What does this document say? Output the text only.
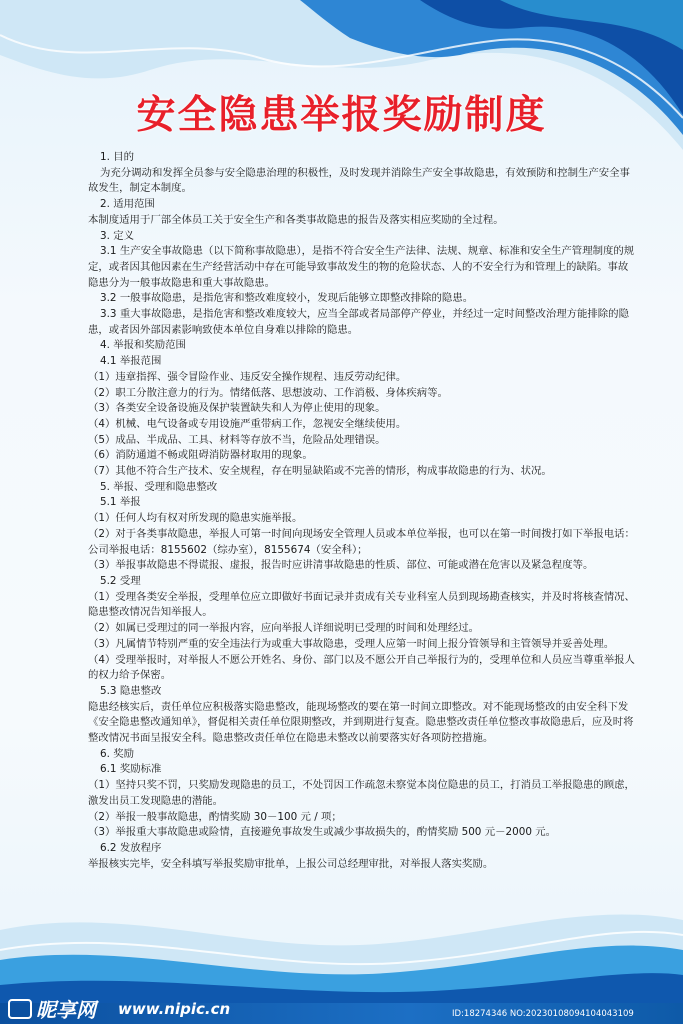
安全隐患举报奖励制度

1. 目的

为充分调动和发挥全员参与安全隐患治理的积极性，及时发现并消除生产安全事故隐患，有效预防和控制生产安全事故发生，制定本制度。

2. 适用范围

本制度适用于厂部全体员工关于安全生产和各类事故隐患的报告及落实相应奖励的全过程。

3. 定义

3.1 生产安全事故隐患（以下简称事故隐患），是指不符合安全生产法律、法规、规章、标准和安全生产管理制度的规定，或者因其他因素在生产经营活动中存在可能导致事故发生的物的危险状态、人的不安全行为和管理上的缺陷。事故隐患分为一般事故隐患和重大事故隐患。

3.2 一般事故隐患，是指危害和整改难度较小，发现后能够立即整改排除的隐患。

3.3 重大事故隐患，是指危害和整改难度较大，应当全部或者局部停产停业，并经过一定时间整改治理方能排除的隐患，或者因外部因素影响致使本单位自身难以排除的隐患。

4. 举报和奖励范围

4.1 举报范围

（1）违章指挥、强令冒险作业、违反安全操作规程、违反劳动纪律。

（2）职工分散注意力的行为。情绪低落、思想波动、工作消极、身体疾病等。

（3）各类安全设备设施及保护装置缺失和人为停止使用的现象。

（4）机械、电气设备或专用设施严重带病工作，忽视安全继续使用。

（5）成品、半成品、工具、材料等存放不当，危险品处理错误。

（6）消防通道不畅或阻碍消防器材取用的现象。

（7）其他不符合生产技术、安全规程，存在明显缺陷或不完善的情形，构成事故隐患的行为、状况。

5. 举报、受理和隐患整改

5.1 举报

（1）任何人均有权对所发现的隐患实施举报。

（2）对于各类事故隐患，举报人可第一时间向现场安全管理人员或本单位举报，也可以在第一时间拨打如下举报电话：

公司举报电话：8155602（综办室），8155674（安全科）；

（3）举报事故隐患不得谎报、虚报，报告时应讲清事故隐患的性质、部位、可能或潜在危害以及紧急程度等。

5.2 受理

（1）受理各类安全举报，受理单位应立即做好书面记录并责成有关专业科室人员到现场勘查核实，并及时将核查情况、隐患整改情况告知举报人。

（2）如属已受理过的同一举报内容，应向举报人详细说明已受理的时间和处理经过。

（3）凡属情节特别严重的安全违法行为或重大事故隐患，受理人应第一时间上报分管领导和主管领导并妥善处理。

（4）受理举报时，对举报人不愿公开姓名、身份、部门以及不愿公开自己举报行为的，受理单位和人员应当尊重举报人的权力给予保密。

5.3 隐患整改

隐患经核实后，责任单位应积极落实隐患整改，能现场整改的要在第一时间立即整改。对不能现场整改的由安全科下发《安全隐患整改通知单》，督促相关责任单位限期整改，并到期进行复查。隐患整改责任单位整改事故隐患后，应及时将整改情况书面呈报安全科。隐患整改责任单位在隐患未整改以前要落实好各项防控措施。

6. 奖励

6.1 奖励标准

（1）坚持只奖不罚，只奖励发现隐患的员工，不处罚因工作疏忽未察觉本岗位隐患的员工，打消员工举报隐患的顾虑，激发出员工发现隐患的潜能。

（2）举报一般事故隐患，酌情奖励 30－100 元 / 项；

（3）举报重大事故隐患或险情，直接避免事故发生或减少事故损失的，酌情奖励 500 元－2000 元。

6.2 发放程序

举报核实完毕，安全科填写举报奖励审批单，上报公司总经理审批，对举报人落实奖励。

昵享网 www.nipic.cn	ID:18274346 NO:20230108094104043109
